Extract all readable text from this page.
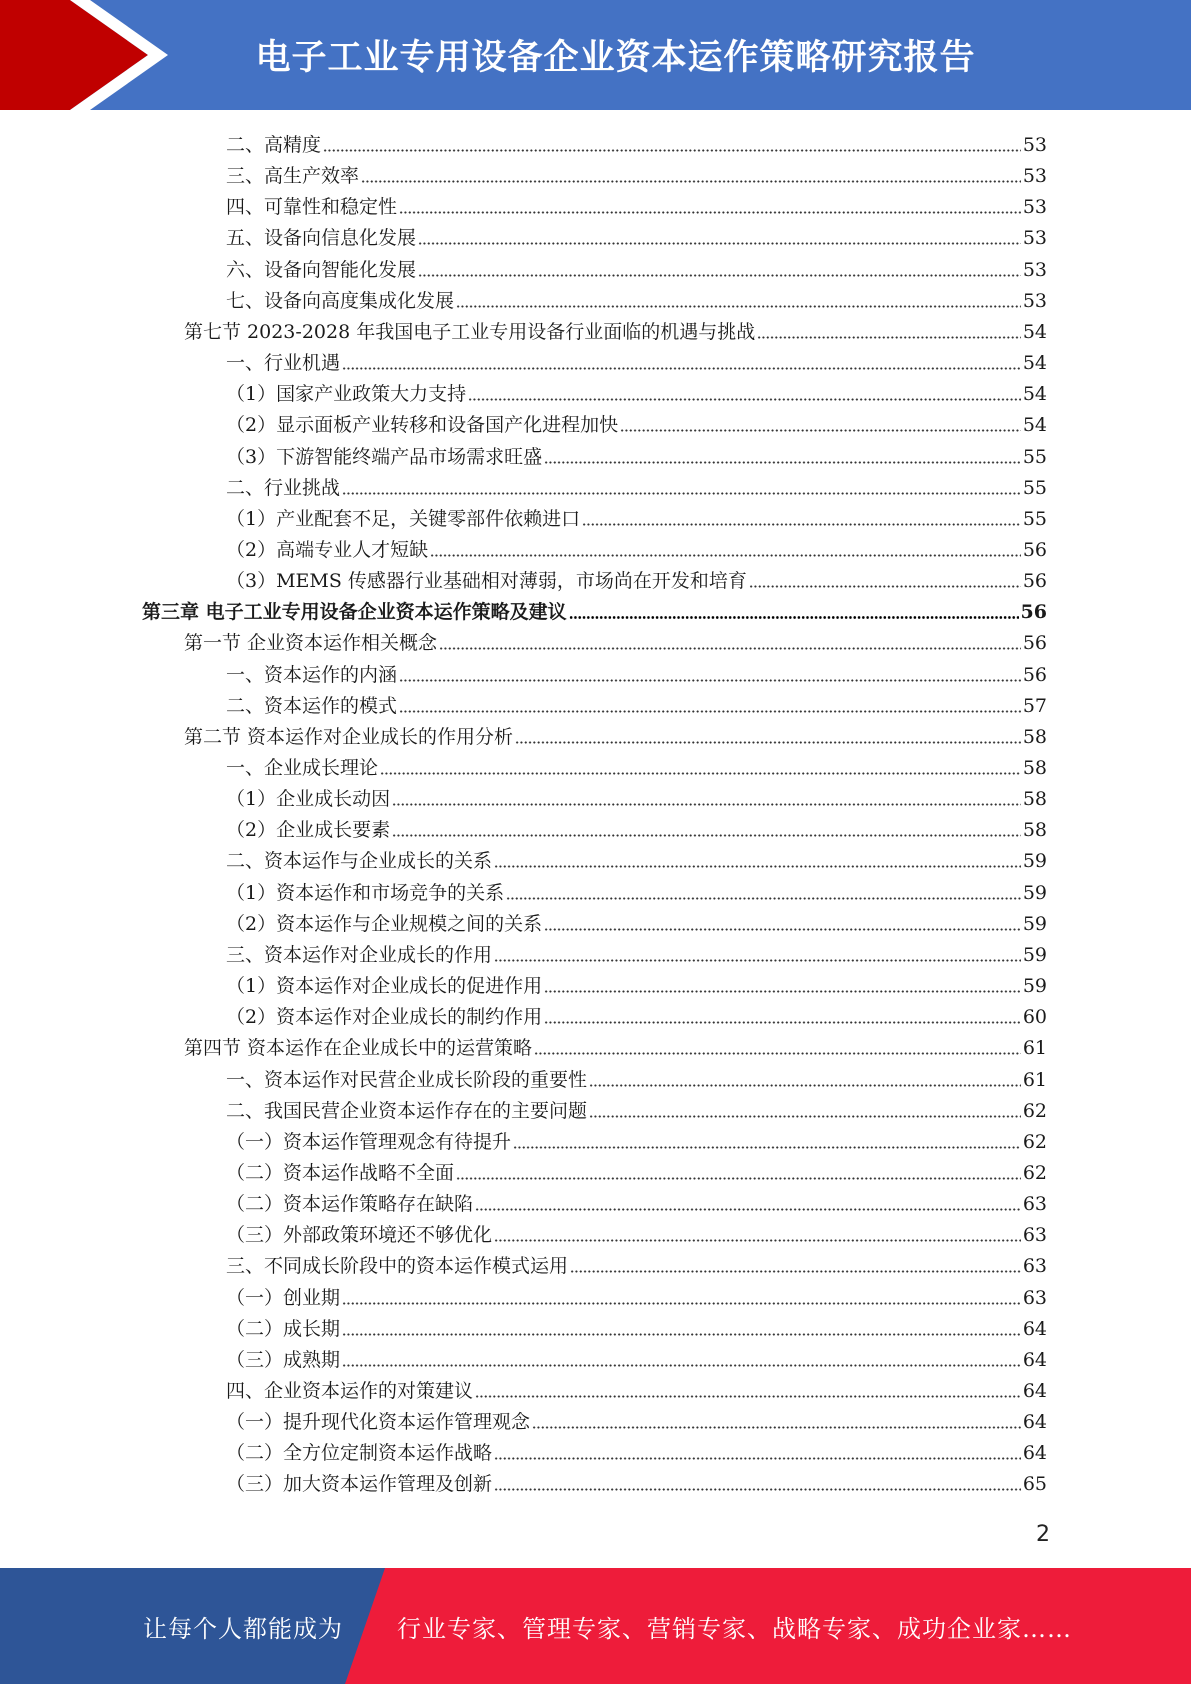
电子工业专用设备企业资本运作策略研究报告
二、高精度	53
三、高生产效率	53
四、可靠性和稳定性	53
五、设备向信息化发展	53
六、设备向智能化发展	53
七、设备向高度集成化发展	53
第七节 2023-2028 年我国电子工业专用设备行业面临的机遇与挑战	54
一、行业机遇	54
（1）国家产业政策大力支持	54
（2）显示面板产业转移和设备国产化进程加快	54
（3）下游智能终端产品市场需求旺盛	55
二、行业挑战	55
（1）产业配套不足，关键零部件依赖进口	55
（2）高端专业人才短缺	56
（3）MEMS 传感器行业基础相对薄弱，市场尚在开发和培育	56
第三章 电子工业专用设备企业资本运作策略及建议	56
第一节 企业资本运作相关概念	56
一、资本运作的内涵	56
二、资本运作的模式	57
第二节 资本运作对企业成长的作用分析	58
一、企业成长理论	58
（1）企业成长动因	58
（2）企业成长要素	58
二、资本运作与企业成长的关系	59
（1）资本运作和市场竞争的关系	59
（2）资本运作与企业规模之间的关系	59
三、资本运作对企业成长的作用	59
（1）资本运作对企业成长的促进作用	59
（2）资本运作对企业成长的制约作用	60
第四节 资本运作在企业成长中的运营策略	61
一、资本运作对民营企业成长阶段的重要性	61
二、我国民营企业资本运作存在的主要问题	62
（一）资本运作管理观念有待提升	62
（二）资本运作战略不全面	62
（二）资本运作策略存在缺陷	63
（三）外部政策环境还不够优化	63
三、不同成长阶段中的资本运作模式运用	63
（一）创业期	63
（二）成长期	64
（三）成熟期	64
四、企业资本运作的对策建议	64
（一）提升现代化资本运作管理观念	64
（二）全方位定制资本运作战略	64
（三）加大资本运作管理及创新	65
2
让每个人都能成为 行业专家、管理专家、营销专家、战略专家、成功企业家……
